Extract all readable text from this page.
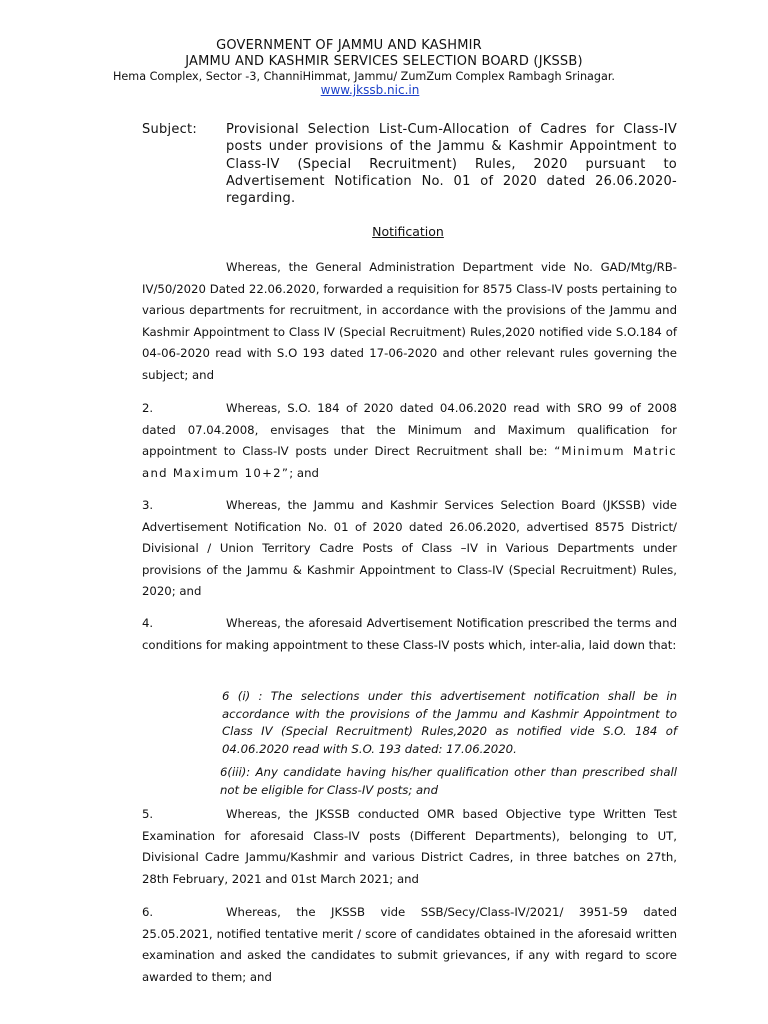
GOVERNMENT OF JAMMU AND KASHMIR
JAMMU AND KASHMIR SERVICES SELECTION BOARD (JKSSB)
Hema Complex, Sector -3, ChanniHimmat, Jammu/ ZumZum Complex Rambagh Srinagar.
www.jkssb.nic.in
Subject:	Provisional Selection List-Cum-Allocation of Cadres for Class-IV posts under provisions of the Jammu & Kashmir Appointment to Class-IV (Special Recruitment) Rules, 2020 pursuant to Advertisement Notification No. 01 of 2020 dated 26.06.2020- regarding.
Notification
Whereas, the General Administration Department vide No. GAD/Mtg/RB-IV/50/2020 Dated 22.06.2020, forwarded a requisition for 8575 Class-IV posts pertaining to various departments for recruitment, in accordance with the provisions of the Jammu and Kashmir Appointment to Class IV (Special Recruitment) Rules,2020 notified vide S.O.184 of 04-06-2020 read with S.O 193 dated 17-06-2020 and other relevant rules governing the subject; and
2.	Whereas, S.O. 184 of 2020 dated 04.06.2020 read with SRO 99 of 2008 dated 07.04.2008, envisages that the Minimum and Maximum qualification for appointment to Class-IV posts under Direct Recruitment shall be: “Minimum Matric and Maximum 10+2”; and
3.	Whereas, the Jammu and Kashmir Services Selection Board (JKSSB) vide Advertisement Notification No. 01 of 2020 dated 26.06.2020, advertised 8575 District/ Divisional / Union Territory Cadre Posts of Class –IV in Various Departments under provisions of the Jammu & Kashmir Appointment to Class-IV (Special Recruitment) Rules, 2020; and
4.	Whereas, the aforesaid Advertisement Notification prescribed the terms and conditions for making appointment to these Class-IV posts which, inter-alia, laid down that:
6 (i) : The selections under this advertisement notification shall be in accordance with the provisions of the Jammu and Kashmir Appointment to Class IV (Special Recruitment) Rules,2020 as notified vide S.O. 184 of 04.06.2020 read with S.O. 193 dated: 17.06.2020.
6(iii): Any candidate having his/her qualification other than prescribed shall not be eligible for Class-IV posts; and
5.	Whereas, the JKSSB conducted OMR based Objective type Written Test Examination for aforesaid Class-IV posts (Different Departments), belonging to UT, Divisional Cadre Jammu/Kashmir and various District Cadres, in three batches on 27th, 28th February, 2021 and 01st March 2021; and
6.	Whereas, the JKSSB vide SSB/Secy/Class-IV/2021/ 3951-59 dated 25.05.2021, notified tentative merit / score of candidates obtained in the aforesaid written examination and asked the candidates to submit grievances, if any with regard to score awarded to them; and
